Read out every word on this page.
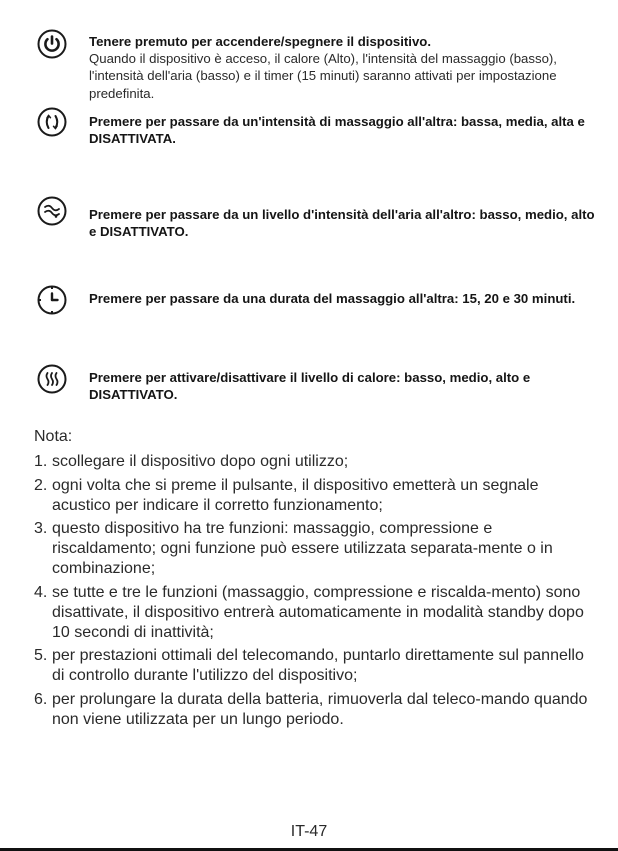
Tenere premuto per accendere/spegnere il dispositivo.
Quando il dispositivo è acceso, il calore (Alto), l'intensità del massaggio (basso), l'intensità dell'aria (basso) e il timer (15 minuti) saranno attivati per impostazione predefinita.
Premere per passare da un'intensità di massaggio all'altra: bassa, media, alta e DISATTIVATA.
Premere per passare da un livello d'intensità dell'aria all'altro: basso, medio, alto e DISATTIVATO.
Premere per passare da una durata del massaggio all'altra: 15, 20 e 30 minuti.
Premere per attivare/disattivare il livello di calore: basso, medio, alto e DISATTIVATO.
Nota:
1. scollegare il dispositivo dopo ogni utilizzo;
2. ogni volta che si preme il pulsante, il dispositivo emetterà un segnale acustico per indicare il corretto funzionamento;
3. questo dispositivo ha tre funzioni: massaggio, compressione e riscaldamento; ogni funzione può essere utilizzata separata-mente o in combinazione;
4. se tutte e tre le funzioni (massaggio, compressione e riscalda-mento) sono disattivate, il dispositivo entrerà automaticamente in modalità standby dopo 10 secondi di inattività;
5. per prestazioni ottimali del telecomando, puntarlo direttamente sul pannello di controllo durante l'utilizzo del dispositivo;
6. per prolungare la durata della batteria, rimuoverla dal teleco-mando quando non viene utilizzata per un lungo periodo.
IT-47
